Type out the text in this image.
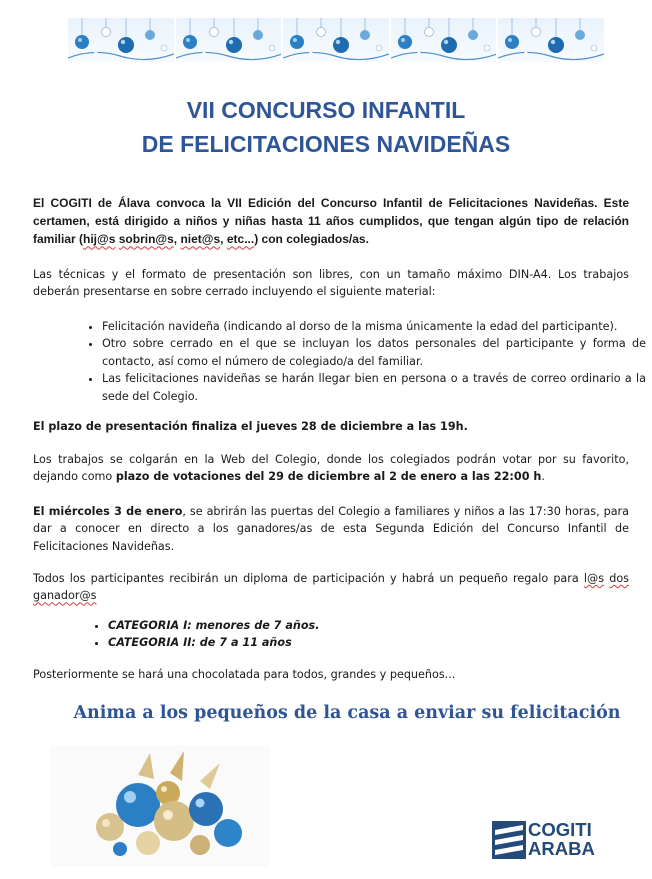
VII CONCURSO INFANTIL
DE FELICITACIONES NAVIDEÑAS

El COGITI de Álava convoca la VII Edición del Concurso Infantil de Felicitaciones Navideñas. Este certamen, está dirigido a niños y niñas hasta 11 años cumplidos, que tengan algún tipo de relación familiar (hij@s sobrin@s, niet@s, etc...) con colegiados/as.

Las técnicas y el formato de presentación son libres, con un tamaño máximo DIN-A4. Los trabajos deberán presentarse en sobre cerrado incluyendo el siguiente material:

• Felicitación navideña (indicando al dorso de la misma únicamente la edad del participante).
• Otro sobre cerrado en el que se incluyan los datos personales del participante y forma de contacto, así como el número de colegiado/a del familiar.
• Las felicitaciones navideñas se harán llegar bien en persona o a través de correo ordinario a la sede del Colegio.

El plazo de presentación finaliza el jueves 28 de diciembre a las 19h.

Los trabajos se colgarán en la Web del Colegio, donde los colegiados podrán votar por su favorito, dejando como plazo de votaciones del 29 de diciembre al 2 de enero a las 22:00 h.

El miércoles 3 de enero, se abrirán las puertas del Colegio a familiares y niños a las 17:30 horas, para dar a conocer en directo a los ganadores/as de esta Segunda Edición del Concurso Infantil de Felicitaciones Navideñas.

Todos los participantes recibirán un diploma de participación y habrá un pequeño regalo para l@s dos ganador@s

• CATEGORIA I: menores de 7 años.
• CATEGORIA II: de 7 a 11 años

Posteriormente se hará una chocolatada para todos, grandes y pequeños...

Anima a los pequeños de la casa a enviar su felicitación
COGITI
ARABA
